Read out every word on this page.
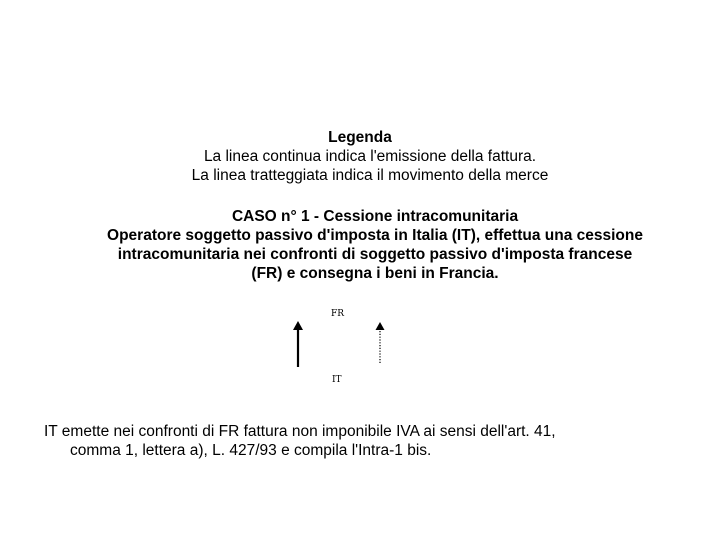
Legenda
La linea continua indica l'emissione della fattura.
La linea tratteggiata indica il movimento della merce
CASO n° 1 - Cessione intracomunitaria
Operatore soggetto passivo d'imposta in Italia (IT), effettua una cessione
intracomunitaria nei confronti di soggetto passivo d'imposta francese
(FR) e consegna i beni in Francia.
FR
IT
IT emette nei confronti di FR fattura non imponibile IVA ai sensi dell'art. 41,
comma 1, lettera a), L. 427/93 e compila l'Intra-1 bis.
